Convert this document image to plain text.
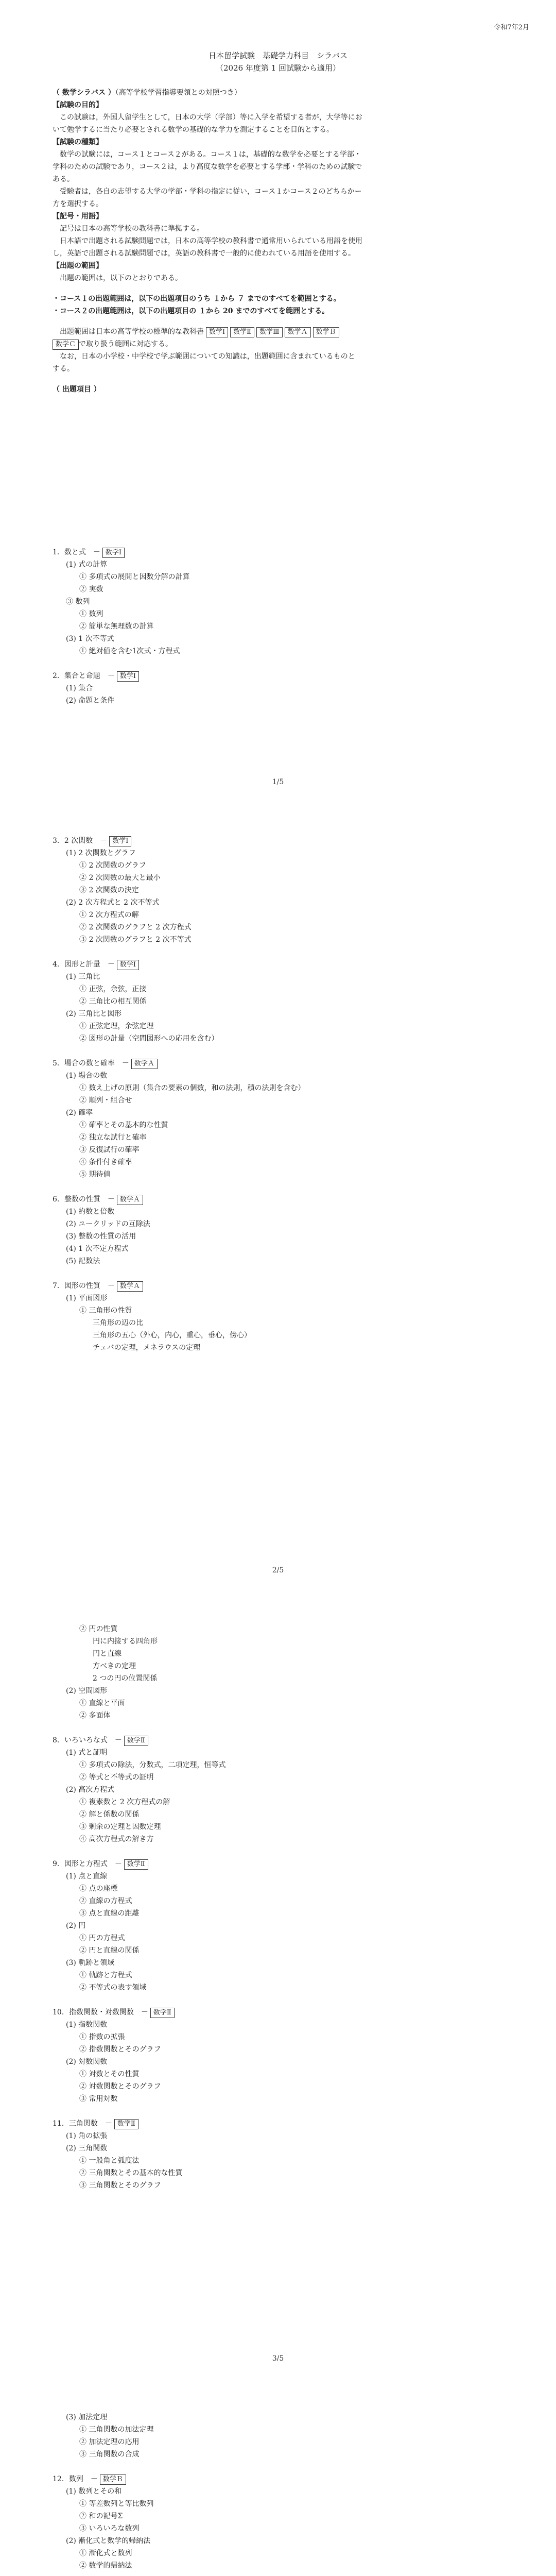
令和7年2月
日本留学試験　基礎学力科目　シラバス
（2026 年度第 1 回試験から適用）

（ 数学シラバス ）（高等学校学習指導要領との対照つき）

【試験の目的】

　この試験は，外国人留学生として，日本の大学（学部）等に入学を希望する者が，大学等にお

いて勉学するに当たり必要とされる数学の基礎的な学力を測定することを目的とする。

【試験の種類】

　数学の試験には，コース１とコース２がある。コース１は，基礎的な数学を必要とする学部・

学科のための試験であり，コース２は，より高度な数学を必要とする学部・学科のための試験で

ある。

　受験者は，各自の志望する大学の学部・学科の指定に従い，コース１かコース２のどちらかー

方を選択する。

【記号・用語】

　記号は日本の高等学校の教科書に準拠する。

　日本語で出題される試験問題では，日本の高等学校の教科書で通常用いられている用語を使用

し，英語で出題される試験問題では，英語の教科書で一般的に使われている用語を使用する。

【出題の範囲】

　出題の範囲は，以下のとおりである。

・コース１の出題範囲は，以下の出題項目のうち １から ７ までのすべてを範囲とする。

・コース２の出題範囲は，以下の出題項目の １から 20 までのすべてを範囲とする。

　出題範囲は日本の高等学校の標準的な教科書 数学Ⅰ 数学Ⅱ 数学Ⅲ 数学Ａ 数学Ｂ

数学Ｃ で取り扱う範囲に対応する。

　なお，日本の小学校・中学校で学ぶ範囲についての知識は，出題範囲に含まれているものと

する。

（ 出題項目 ）

1．数と式　－ 数学Ⅰ
(1) 式の計算
① 多項式の展開と因数分解の計算
② 実数
③ 数列
① 数列
② 簡単な無理数の計算
(3) 1 次不等式
① 絶対値を含む1次式・方程式

2．集合と命題　－ 数学Ⅰ
(1) 集合
(2) 命題と条件
1/5
3．2 次関数　－ 数学Ⅰ
(1) 2 次関数とグラフ
① 2 次関数のグラフ
② 2 次関数の最大と最小
③ 2 次関数の決定
(2) 2 次方程式と 2 次不等式
① 2 次方程式の解
② 2 次関数のグラフと 2 次方程式
③ 2 次関数のグラフと 2 次不等式

4．図形と計量　－ 数学Ⅰ
(1) 三角比
① 正弦，余弦，正接
② 三角比の相互関係
(2) 三角比と図形
① 正弦定理，余弦定理
② 図形の計量（空間図形への応用を含む）

5．場合の数と確率　－ 数学Ａ
(1) 場合の数
① 数え上げの原則（集合の要素の個数，和の法則，積の法則を含む）
② 順列・組合せ
(2) 確率
① 確率とその基本的な性質
② 独立な試行と確率
③ 反復試行の確率
④ 条件付き確率
⑤ 期待値

6．整数の性質　－ 数学Ａ
(1) 約数と倍数
(2) ユークリッドの互除法
(3) 整数の性質の活用
(4) 1 次不定方程式
(5) 記数法

7．図形の性質　－ 数学Ａ
(1) 平面図形
① 三角形の性質
三角形の辺の比
三角形の五心（外心，内心，重心，垂心，傍心）
チェバの定理，メネラウスの定理
2/5
② 円の性質
円に内接する四角形
円と直線
方べきの定理
2 つの円の位置関係
(2) 空間図形
① 直線と平面
② 多面体

8．いろいろな式　－ 数学Ⅱ
(1) 式と証明
① 多項式の除法，分数式，二項定理，恒等式
② 等式と不等式の証明
(2) 高次方程式
① 複素数と 2 次方程式の解
② 解と係数の関係
③ 剰余の定理と因数定理
④ 高次方程式の解き方

9．図形と方程式　－ 数学Ⅱ
(1) 点と直線
① 点の座標
② 直線の方程式
③ 点と直線の距離
(2) 円
① 円の方程式
② 円と直線の関係
(3) 軌跡と領域
① 軌跡と方程式
② 不等式の表す領域

10．指数関数・対数関数　－ 数学Ⅱ
(1) 指数関数
① 指数の拡張
② 指数関数とそのグラフ
(2) 対数関数
① 対数とその性質
② 対数関数とそのグラフ
③ 常用対数

11．三角関数　－ 数学Ⅱ
(1) 角の拡張
(2) 三角関数
① 一般角と弧度法
② 三角関数とその基本的な性質
③ 三角関数とそのグラフ
3/5
(3) 加法定理
① 三角関数の加法定理
② 加法定理の応用
③ 三角関数の合成

12．数列　－ 数学Ｂ
(1) 数列とその和
① 等差数列と等比数列
② 和の記号Σ
③ いろいろな数列
(2) 漸化式と数学的帰納法
① 漸化式と数列
② 数学的帰納法
